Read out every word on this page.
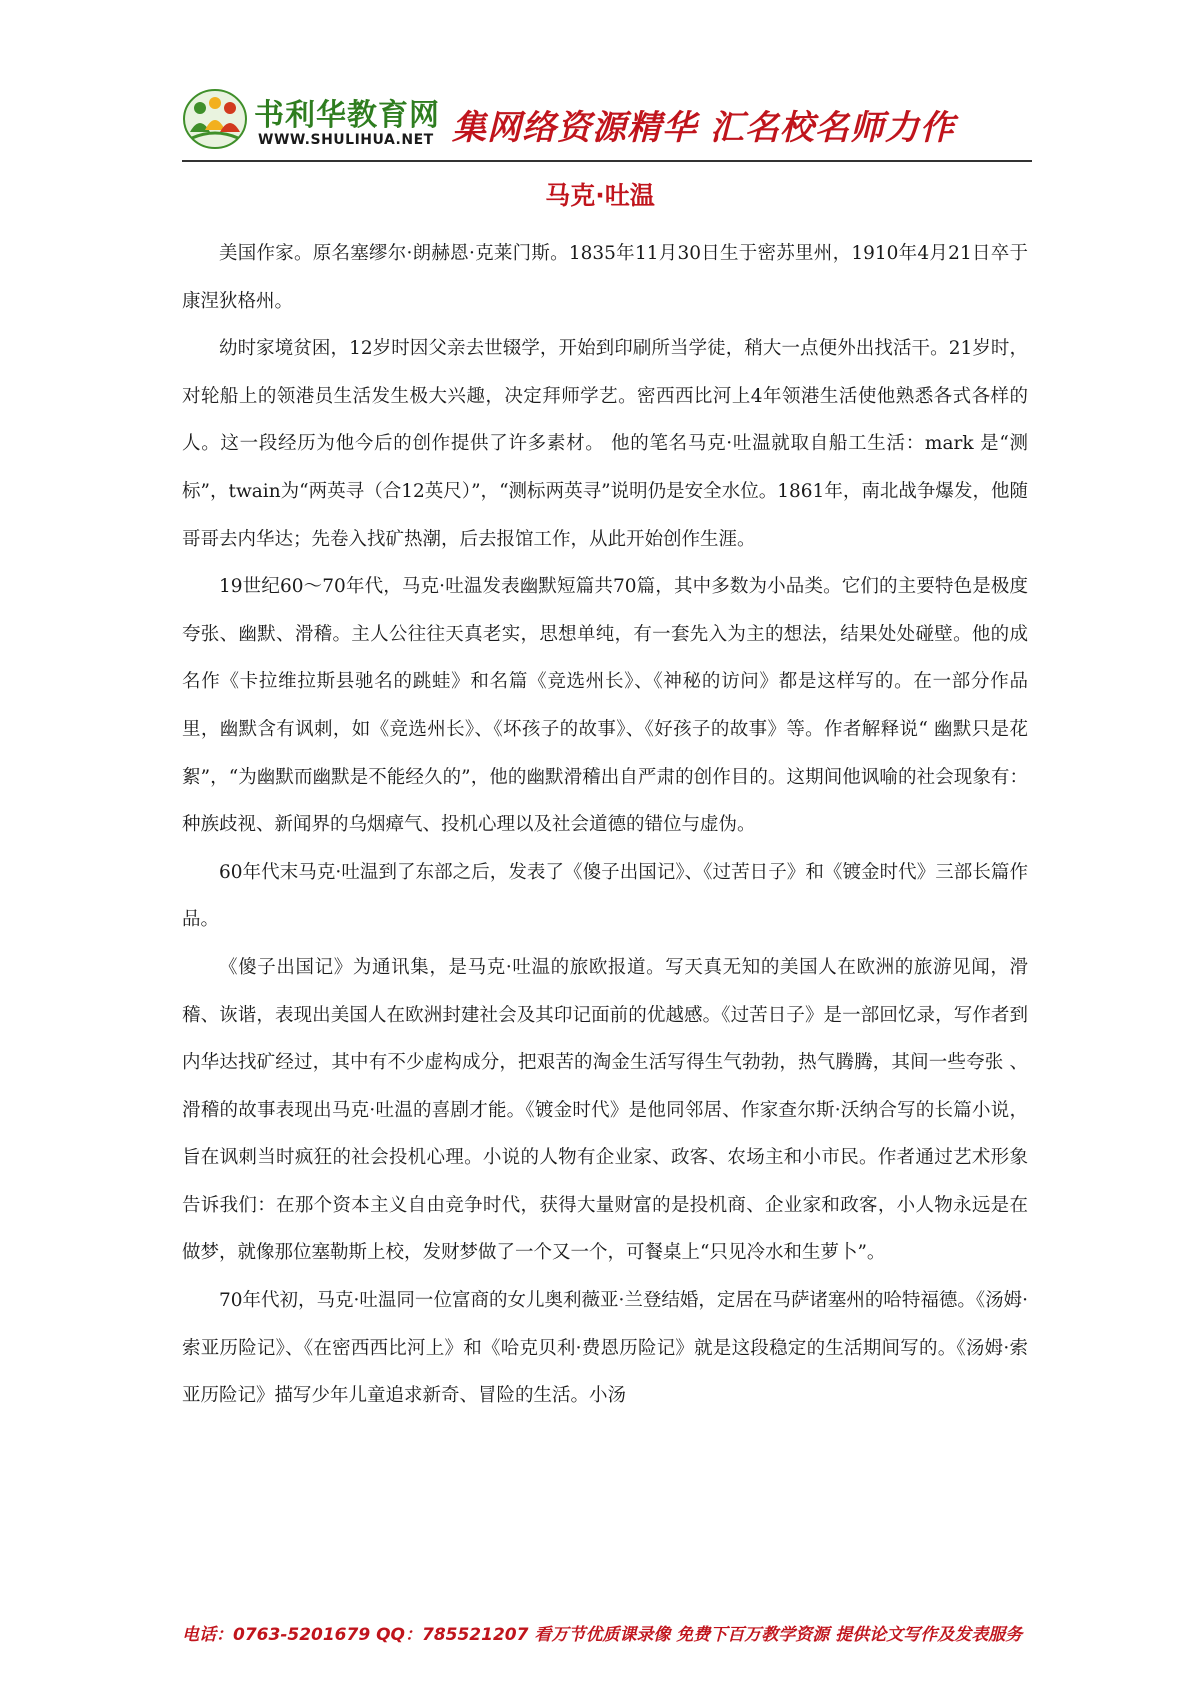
书利华教育网
WWW.SHULIHUA.NET 集网络资源精华 汇名校名师力作
马克·吐温

美国作家。原名塞缪尔·朗赫恩·克莱门斯。1835年11月30日生于密苏里州，1910年4月21日卒于康涅狄格州。

幼时家境贫困，12岁时因父亲去世辍学，开始到印刷所当学徒，稍大一点便外出找活干。21岁时，对轮船上的领港员生活发生极大兴趣，决定拜师学艺。密西西比河上4年领港生活使他熟悉各式各样的人。这一段经历为他今后的创作提供了许多素材。 他的笔名马克·吐温就取自船工生活：mark 是“测标”，twain为“两英寻（合12英尺）”，“测标两英寻”说明仍是安全水位。1861年，南北战争爆发，他随哥哥去内华达；先卷入找矿热潮，后去报馆工作，从此开始创作生涯。

19世纪60～70年代，马克·吐温发表幽默短篇共70篇，其中多数为小品类。它们的主要特色是极度夸张、幽默、滑稽。主人公往往天真老实，思想单纯，有一套先入为主的想法，结果处处碰壁。他的成名作《卡拉维拉斯县驰名的跳蛙》和名篇《竞选州长》、《神秘的访问》都是这样写的。在一部分作品里，幽默含有讽刺，如《竞选州长》、《坏孩子的故事》、《好孩子的故事》等。作者解释说“ 幽默只是花絮”，“为幽默而幽默是不能经久的”，他的幽默滑稽出自严肃的创作目的。这期间他讽喻的社会现象有： 种族歧视、新闻界的乌烟瘴气、投机心理以及社会道德的错位与虚伪。

60年代末马克·吐温到了东部之后，发表了《傻子出国记》、《过苦日子》和《镀金时代》三部长篇作品。

《傻子出国记》为通讯集，是马克·吐温的旅欧报道。写天真无知的美国人在欧洲的旅游见闻，滑稽、诙谐，表现出美国人在欧洲封建社会及其印记面前的优越感。《过苦日子》是一部回忆录，写作者到内华达找矿经过，其中有不少虚构成分，把艰苦的淘金生活写得生气勃勃，热气腾腾，其间一些夸张 、滑稽的故事表现出马克·吐温的喜剧才能。《镀金时代》是他同邻居、作家查尔斯·沃纳合写的长篇小说，旨在讽刺当时疯狂的社会投机心理。小说的人物有企业家、政客、农场主和小市民。作者通过艺术形象告诉我们：在那个资本主义自由竞争时代，获得大量财富的是投机商、企业家和政客，小人物永远是在做梦，就像那位塞勒斯上校，发财梦做了一个又一个，可餐桌上“只见冷水和生萝卜”。

70年代初，马克·吐温同一位富商的女儿奥利薇亚·兰登结婚，定居在马萨诸塞州的哈特福德。《汤姆·索亚历险记》、《在密西西比河上》和《哈克贝利·费恩历险记》就是这段稳定的生活期间写的。《汤姆·索亚历险记》描写少年儿童追求新奇、冒险的生活。小汤

电话：0763-5201679 QQ：785521207 看万节优质课录像 免费下百万教学资源 提供论文写作及发表服务
